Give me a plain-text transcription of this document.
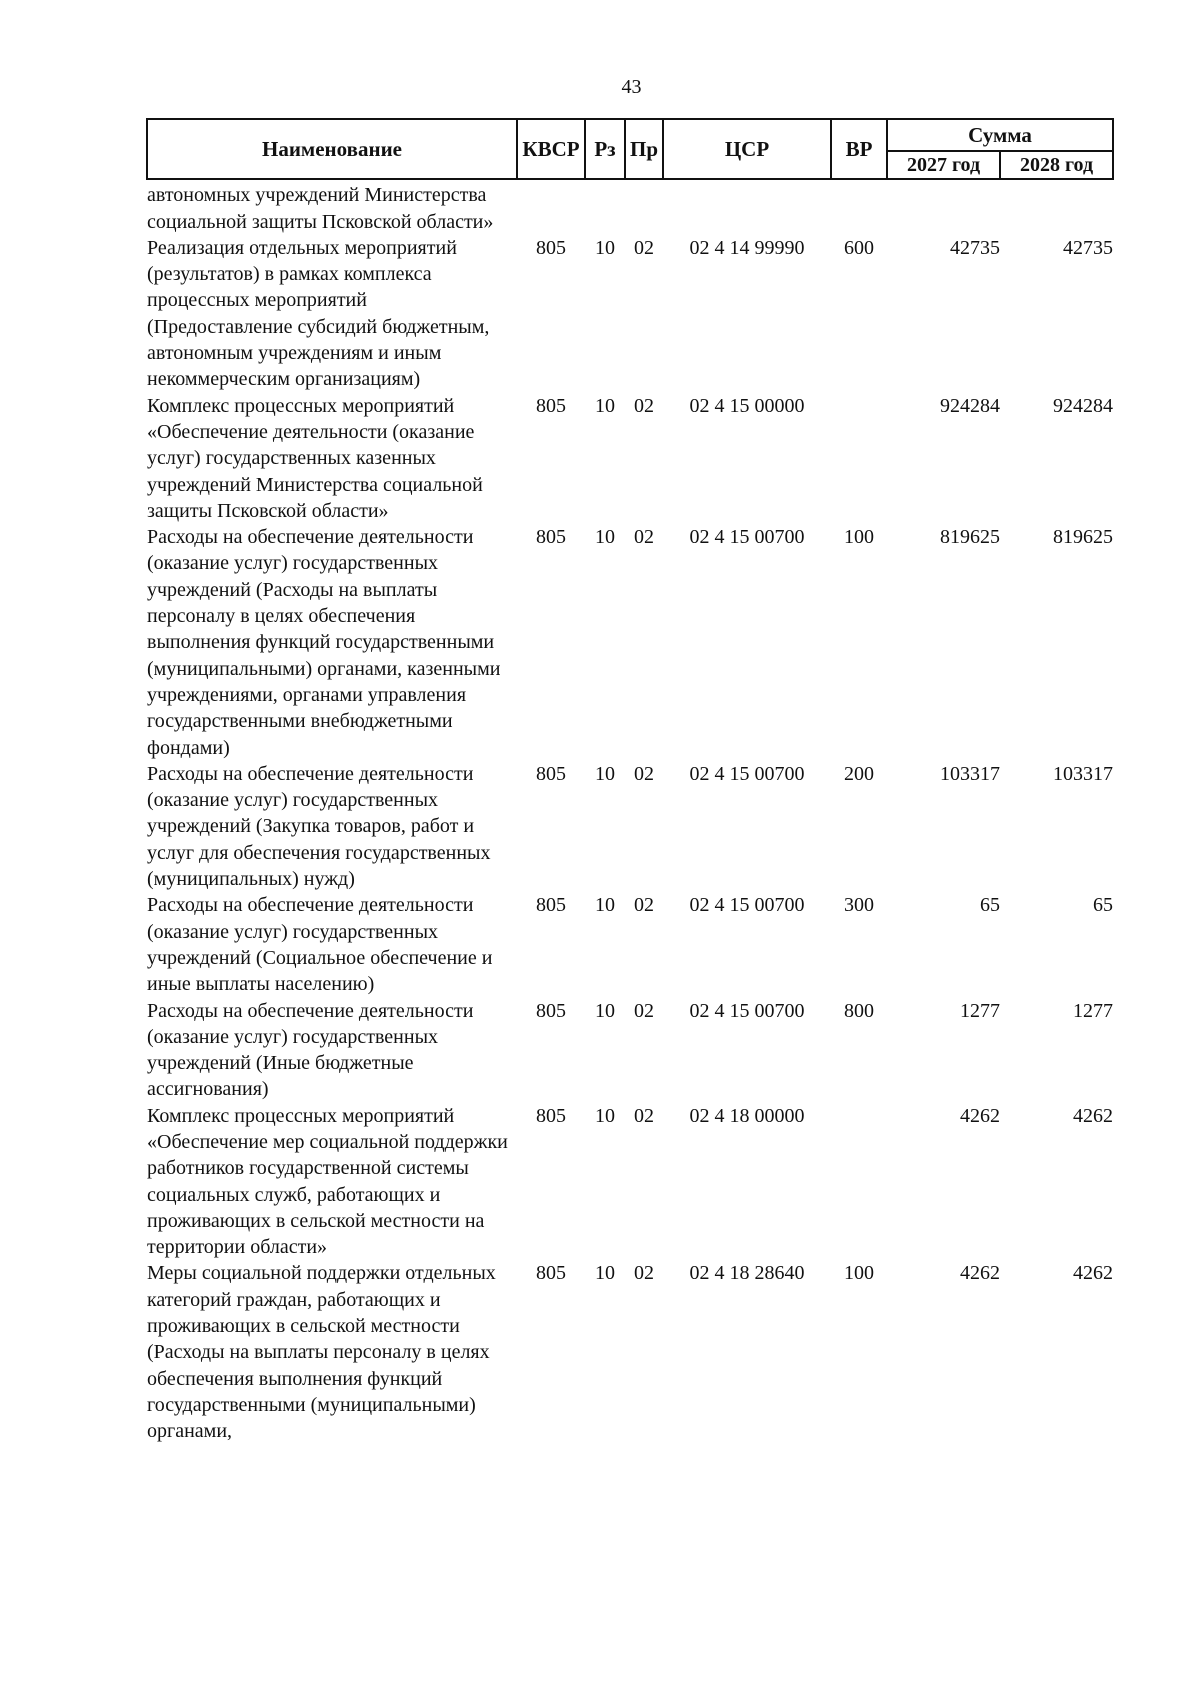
43
Наименование	КВСР	Рз	Пр	ЦСР	ВР	Сумма	
						2027 год	2028 год
автономных учреждений Министерства социальной защиты Псковской области»							
Реализация отдельных мероприятий (результатов) в рамках комплекса процессных мероприятий (Предоставление субсидий бюджетным, автономным учреждениям и иным некоммерческим организациям)	805	10	02	02 4 14 99990	600	42735	42735
Комплекс процессных мероприятий «Обеспечение деятельности (оказание услуг) государственных казенных учреждений Министерства социальной защиты Псковской области»	805	10	02	02 4 15 00000		924284	924284
Расходы на обеспечение деятельности (оказание услуг) государственных учреждений (Расходы на выплаты персоналу в целях обеспечения выполнения функций государственными (муниципальными) органами, казенными учреждениями, органами управления государственными внебюджетными фондами)	805	10	02	02 4 15 00700	100	819625	819625
Расходы на обеспечение деятельности (оказание услуг) государственных учреждений (Закупка товаров, работ и услуг для обеспечения государственных (муниципальных) нужд)	805	10	02	02 4 15 00700	200	103317	103317
Расходы на обеспечение деятельности (оказание услуг) государственных учреждений (Социальное обеспечение и иные выплаты населению)	805	10	02	02 4 15 00700	300	65	65
Расходы на обеспечение деятельности (оказание услуг) государственных учреждений (Иные бюджетные ассигнования)	805	10	02	02 4 15 00700	800	1277	1277
Комплекс процессных мероприятий «Обеспечение мер социальной поддержки работников государственной системы социальных служб, работающих и проживающих в сельской местности на территории области»	805	10	02	02 4 18 00000		4262	4262
Меры социальной поддержки отдельных категорий граждан, работающих и проживающих в сельской местности (Расходы на выплаты персоналу в целях обеспечения выполнения функций государственными (муниципальными) органами,	805	10	02	02 4 18 28640	100	4262	4262
